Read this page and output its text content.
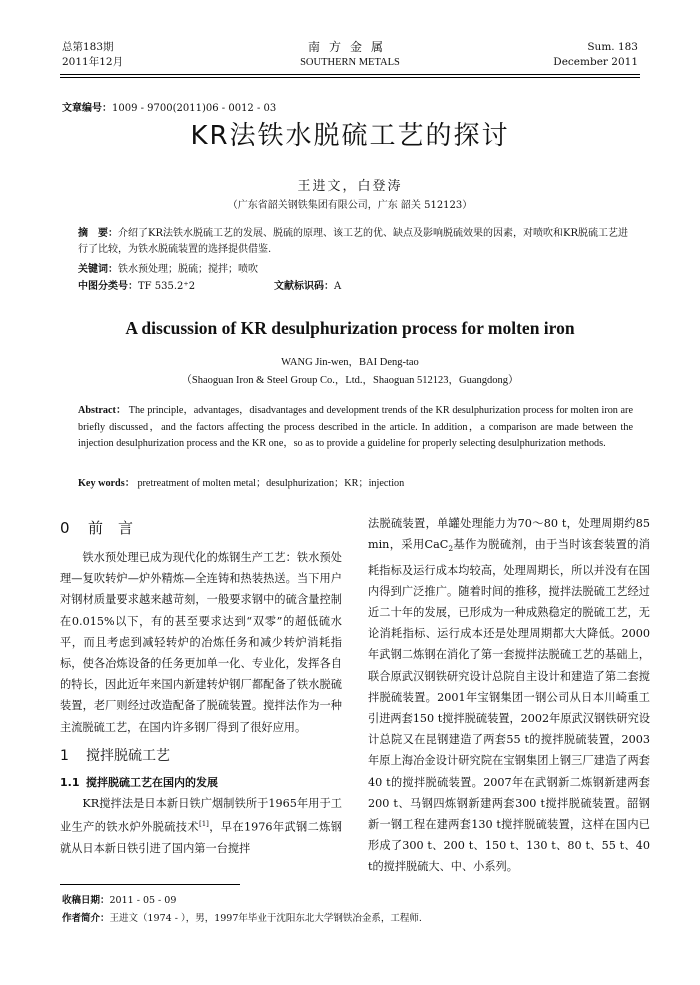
总第183期
2011年12月
南方金属
SOUTHERN METALS
Sum. 183
December 2011
文章编号：1009 - 9700(2011)06 - 0012 - 03
KR法铁水脱硫工艺的探讨
王进文，白登涛
（广东省韶关钢铁集团有限公司，广东 韶关 512123）
摘　要：介绍了KR法铁水脱硫工艺的发展、脱硫的原理、该工艺的优、缺点及影响脱硫效果的因素，对喷吹和KR脱硫工艺进行了比较，为铁水脱硫装置的选择提供借鉴.
关键词：铁水预处理；脱硫；搅拌；喷吹
中图分类号：TF 535.2⁺2	文献标识码：A
A discussion of KR desulphurization process for molten iron
WANG Jin-wen，BAI Deng-tao
（Shaoguan Iron & Steel Group Co.，Ltd.，Shaoguan 512123，Guangdong）
Abstract： The principle，advantages，disadvantages and development trends of the KR desulphurization process for molten iron are briefly discussed，and the factors affecting the process described in the article. In addition，a comparison are made between the injection desulphurization process and the KR one，so as to provide a guideline for properly selecting desulphurization methods.
Key words： pretreatment of molten metal；desulphurization；KR；injection
0 前　言

铁水预处理已成为现代化的炼钢生产工艺：铁水预处理—复吹转炉—炉外精炼—全连铸和热装热送。当下用户对钢材质量要求越来越苛刻，一般要求钢中的硫含量控制在0.015%以下，有的甚至要求达到“双零”的超低硫水平，而且考虑到减轻转炉的冶炼任务和减少转炉消耗指标，使各冶炼设备的任务更加单一化、专业化，发挥各自的特长，因此近年来国内新建转炉钢厂都配备了铁水脱硫装置，老厂则经过改造配备了脱硫装置。搅拌法作为一种主流脱硫工艺，在国内许多钢厂得到了很好应用。

1 搅拌脱硫工艺
1.1 搅拌脱硫工艺在国内的发展

KR搅拌法是日本新日铁广烟制铁所于1965年用于工业生产的铁水炉外脱硫技术[1]，早在1976年武钢二炼钢就从日本新日铁引进了国内第一台搅拌

法脱硫装置，单罐处理能力为70～80 t，处理周期约85 min，采用CaC$_2$基作为脱硫剂，由于当时该套装置的消耗指标及运行成本均较高，处理周期长，所以并没有在国内得到广泛推广。随着时间的推移，搅拌法脱硫工艺经过近二十年的发展，已形成为一种成熟稳定的脱硫工艺，无论消耗指标、运行成本还是处理周期都大大降低。2000年武钢二炼钢在消化了第一套搅拌法脱硫工艺的基础上，联合原武汉钢铁研究设计总院自主设计和建造了第二套搅拌脱硫装置。2001年宝钢集团一钢公司从日本川崎重工引进两套150 t搅拌脱硫装置，2002年原武汉钢铁研究设计总院又在昆钢建造了两套55 t的搅拌脱硫装置，2003年原上海冶金设计研究院在宝钢集团上钢三厂建造了两套40 t的搅拌脱硫装置。2007年在武钢新二炼钢新建两套200 t、马钢四炼钢新建两套300 t搅拌脱硫装置。韶钢新一钢工程在建两套130 t搅拌脱硫装置，这样在国内已形成了300 t、200 t、150 t、130 t、80 t、55 t、40 t的搅拌脱硫大、中、小系列。

收稿日期：2011 - 05 - 09
作者简介：王进文（1974 - ），男，1997年毕业于沈阳东北大学钢铁冶金系，工程师.
